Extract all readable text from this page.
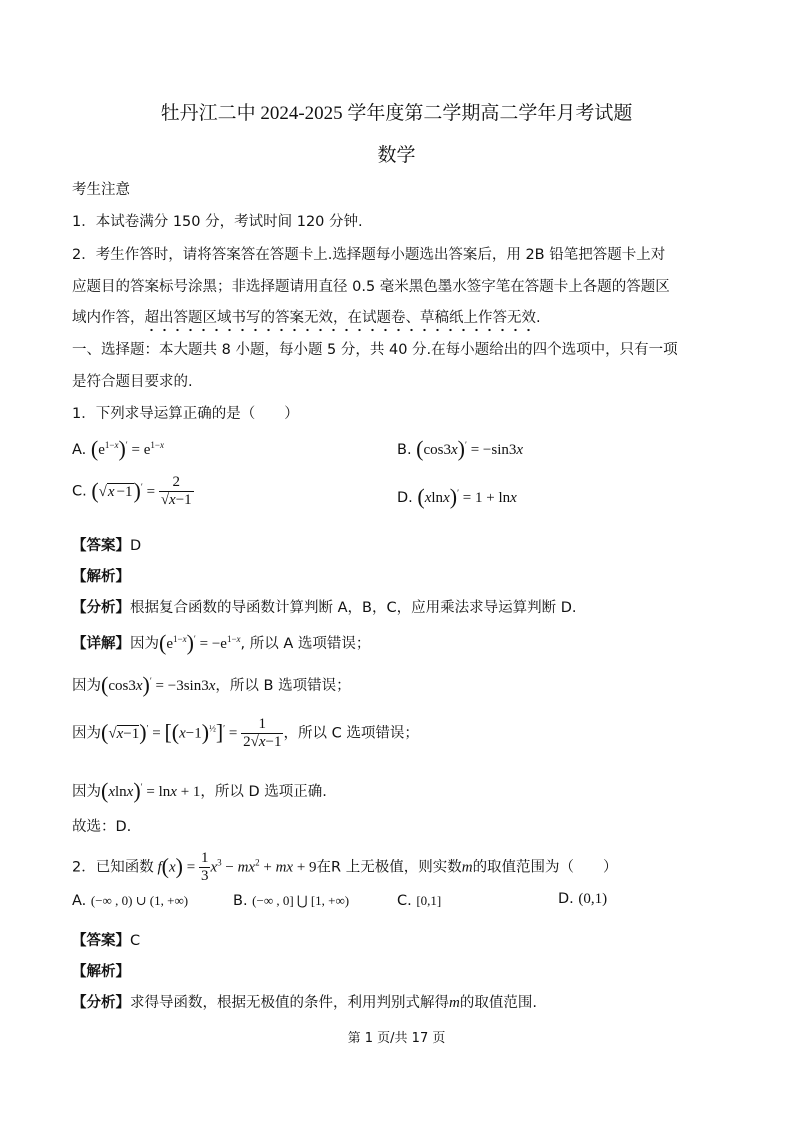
牡丹江二中 2024-2025 学年度第二学期高二学年月考试题
数学
考生注意
1．本试卷满分 150 分，考试时间 120 分钟.
2．考生作答时，请将答案答在答题卡上.选择题每小题选出答案后，用 2B 铅笔把答题卡上对
应题目的答案标号涂黑；非选择题请用直径 0.5 毫米黑色墨水签字笔在答题卡上各题的答题区
域内作答，超出答题区域书写的答案无效，在试题卷、草稿纸上作答无效.
一、选择题：本大题共 8 小题，每小题 5 分，共 40 分.在每小题给出的四个选项中，只有一项
是符合题目要求的.
1．下列求导运算正确的是（　　）
A. $(e^{1-x})' = e^{1-x}$	B. (cos3x)′ = −sin3x
C. $(√x -1)' = \frac{2}{√x-1}$	D. (xlnx)′ = 1 + lnx
【答案】D
【解析】
【分析】根据复合函数的导函数计算判断 A，B，C，应用乘法求导运算判断 D.
【详解】因为$(e^{1-x})' = -e^{1-x}$, 所以 A 选项错误；
因为(cos3x)′ = −3sin3x，所以 B 选项错误；
因为$(√x-1)' = [(x-1)^{\frac{1}{2}}]' = \frac{1}{2√x-1}$ ，所以 C 选项错误；
因为(xlnx)′ = lnx + 1，所以 D 选项正确.
故选：D.
2．已知函数 $f(x) = \frac{1}{3} x^3 - mx^2$ + mx + 9在R 上无极值，则实数m的取值范围为（　　）
A. (−∞ , 0) ∪ (1, +∞)	B. (−∞ , 0] ⋃ [1, +∞)	C. [0,1]	D. (0,1)
【答案】C
【解析】
【分析】求得导函数，根据无极值的条件，利用判别式解得m的取值范围.
第 1 页/共 17 页
